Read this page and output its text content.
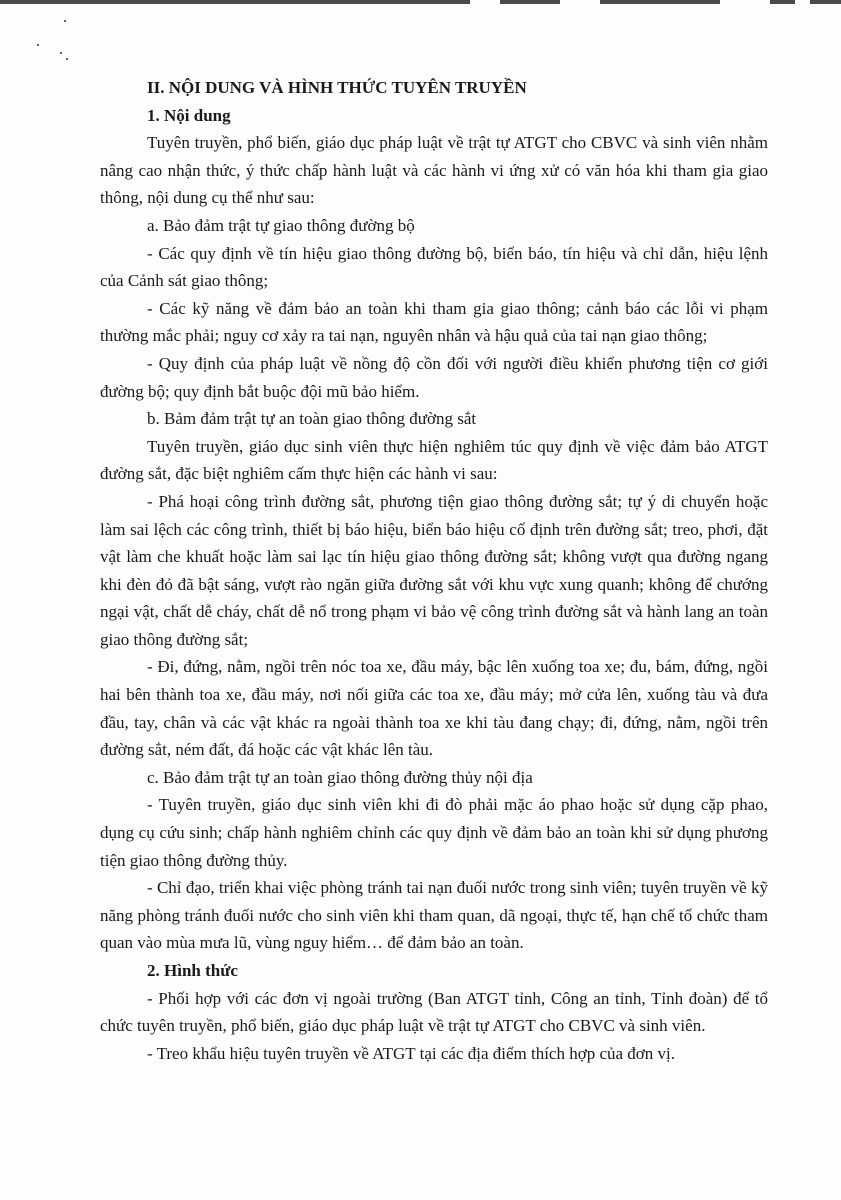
II. NỘI DUNG VÀ HÌNH THỨC TUYÊN TRUYỀN

1. Nội dung

Tuyên truyền, phổ biến, giáo dục pháp luật về trật tự ATGT cho CBVC và sinh viên nhằm nâng cao nhận thức, ý thức chấp hành luật và các hành vi ứng xử có văn hóa khi tham gia giao thông, nội dung cụ thể như sau:

a. Bảo đảm trật tự giao thông đường bộ

- Các quy định về tín hiệu giao thông đường bộ, biển báo, tín hiệu và chỉ dẫn, hiệu lệnh của Cảnh sát giao thông;

- Các kỹ năng về đảm bảo an toàn khi tham gia giao thông; cảnh báo các lỗi vi phạm thường mắc phải; nguy cơ xảy ra tai nạn, nguyên nhân và hậu quả của tai nạn giao thông;

- Quy định của pháp luật về nồng độ cồn đối với người điều khiển phương tiện cơ giới đường bộ; quy định bắt buộc đội mũ bảo hiểm.

b. Bảm đảm trật tự an toàn giao thông đường sắt

Tuyên truyền, giáo dục sinh viên thực hiện nghiêm túc quy định về việc đảm bảo ATGT đường sắt, đặc biệt nghiêm cấm thực hiện các hành vi sau:

- Phá hoại công trình đường sắt, phương tiện giao thông đường sắt; tự ý di chuyển hoặc làm sai lệch các công trình, thiết bị báo hiệu, biển báo hiệu cố định trên đường sắt; treo, phơi, đặt vật làm che khuất hoặc làm sai lạc tín hiệu giao thông đường sắt; không vượt qua đường ngang khi đèn đỏ đã bật sáng, vượt rào ngăn giữa đường sắt với khu vực xung quanh; không để chướng ngại vật, chất dễ cháy, chất dễ nổ trong phạm vi bảo vệ công trình đường sắt và hành lang an toàn giao thông đường sắt;

- Đi, đứng, nằm, ngồi trên nóc toa xe, đầu máy, bậc lên xuống toa xe; đu, bám, đứng, ngồi hai bên thành toa xe, đầu máy, nơi nối giữa các toa xe, đầu máy; mở cửa lên, xuống tàu và đưa đầu, tay, chân và các vật khác ra ngoài thành toa xe khi tàu đang chạy; đi, đứng, nằm, ngồi trên đường sắt, ném đất, đá hoặc các vật khác lên tàu.

c. Bảo đảm trật tự an toàn giao thông đường thủy nội địa

- Tuyên truyền, giáo dục sinh viên khi đi đò phải mặc áo phao hoặc sử dụng cặp phao, dụng cụ cứu sinh; chấp hành nghiêm chỉnh các quy định về đảm bảo an toàn khi sử dụng phương tiện giao thông đường thủy.

- Chỉ đạo, triển khai việc phòng tránh tai nạn đuối nước trong sinh viên; tuyên truyền về kỹ năng phòng tránh đuối nước cho sinh viên khi tham quan, dã ngoại, thực tế, hạn chế tổ chức tham quan vào mùa mưa lũ, vùng nguy hiểm… để đảm bảo an toàn.

2. Hình thức

- Phối hợp với các đơn vị ngoài trường (Ban ATGT tỉnh, Công an tỉnh, Tỉnh đoàn) để tổ chức tuyên truyền, phổ biến, giáo dục pháp luật về trật tự ATGT cho CBVC và sinh viên.

- Treo khẩu hiệu tuyên truyền về ATGT tại các địa điểm thích hợp của đơn vị.
